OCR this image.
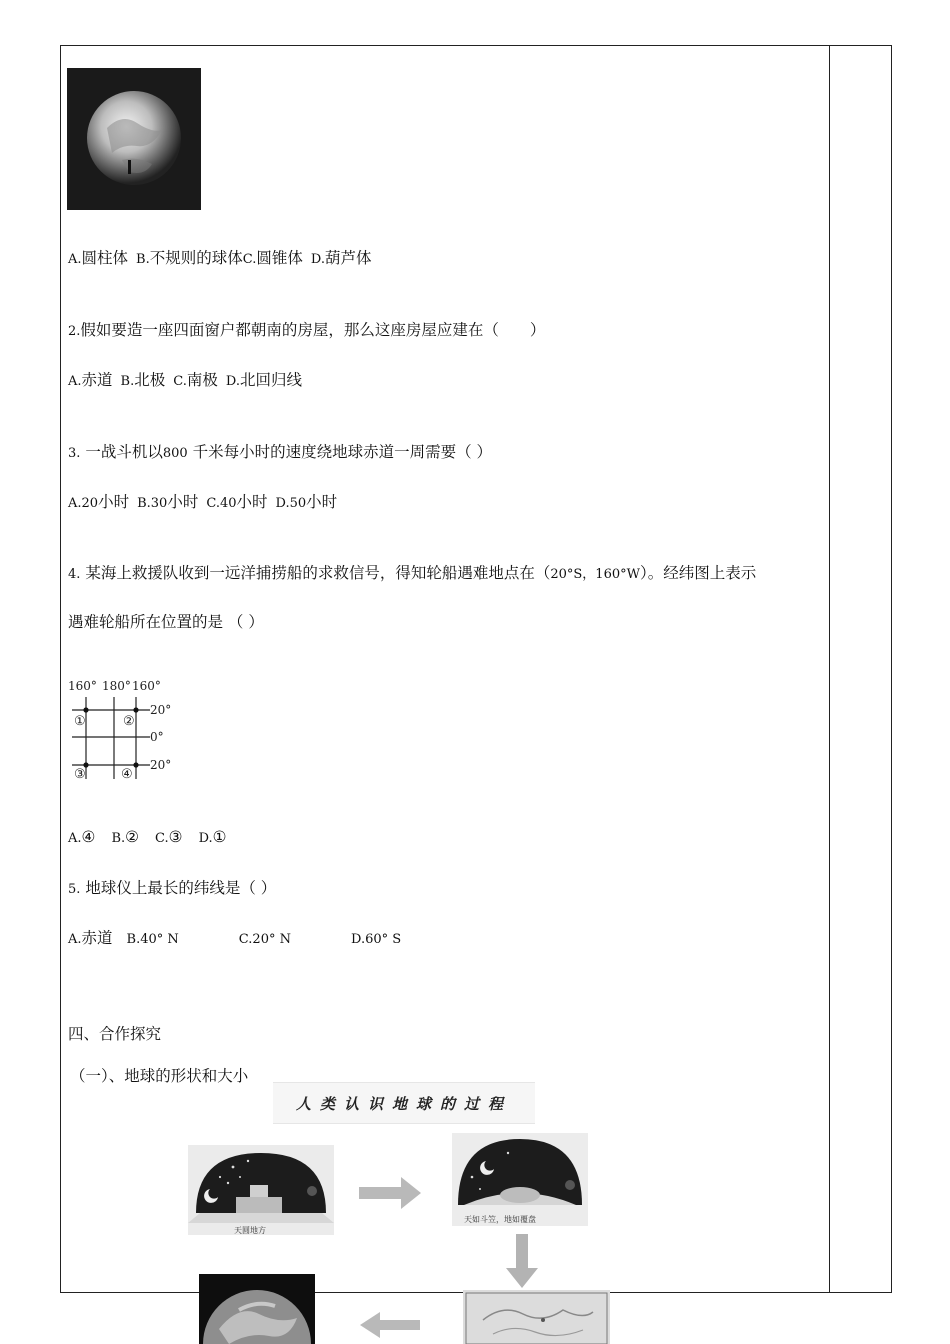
A.圆柱体 B.不规则的球体C.圆锥体 D.葫芦体
2.假如要造一座四面窗户都朝南的房屋，那么这座房屋应建在（　　）
A.赤道 B.北极 C.南极 D.北回归线
3. 一战斗机以800 千米每小时的速度绕地球赤道一周需要（ ）
A.20小时 B.30小时 C.40小时 D.50小时
4. 某海上救援队收到一远洋捕捞船的求救信号，得知轮船遇难地点在（20°S，160°W）。经纬图上表示
遇难轮船所在位置的是 （ ）
160° 180° 160°
①	②
③	④
20°
0°
20°
A.④ B.② C.③ D.①
5. 地球仪上最长的纬线是（ ）
A.赤道 B.40° N	C.20° N	D.60° S
四、合作探究
（一）、地球的形状和大小
人类认识地球的过程
天圆地方
天如斗笠，地如覆盘
